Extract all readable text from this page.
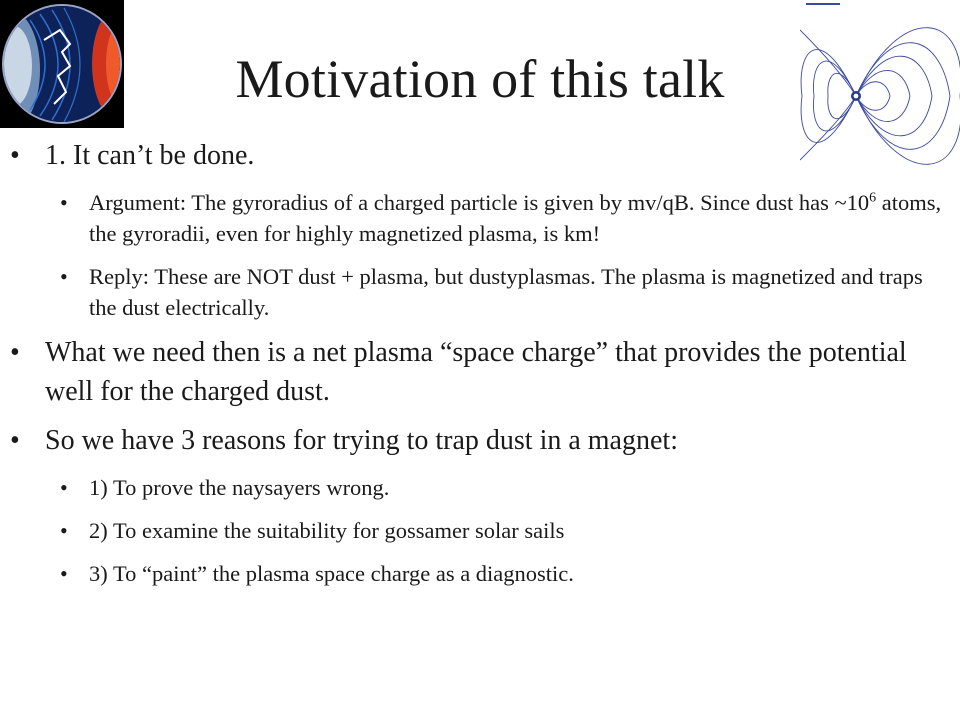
Motivation of this talk
• 1. It can’t be done.
• Argument: The gyroradius of a charged particle is given by mv/qB. Since dust has $\sim 10^6$ atoms, the gyroradii, even for highly magnetized plasma, is km!
• Reply: These are NOT dust + plasma, but dustyplasmas. The plasma is magnetized and traps the dust electrically.
• What we need then is a net plasma “space charge” that provides the potential well for the charged dust.
• So we have 3 reasons for trying to trap dust in a magnet:
• 1) To prove the naysayers wrong.
• 2) To examine the suitability for gossamer solar sails
• 3) To “paint” the plasma space charge as a diagnostic.
